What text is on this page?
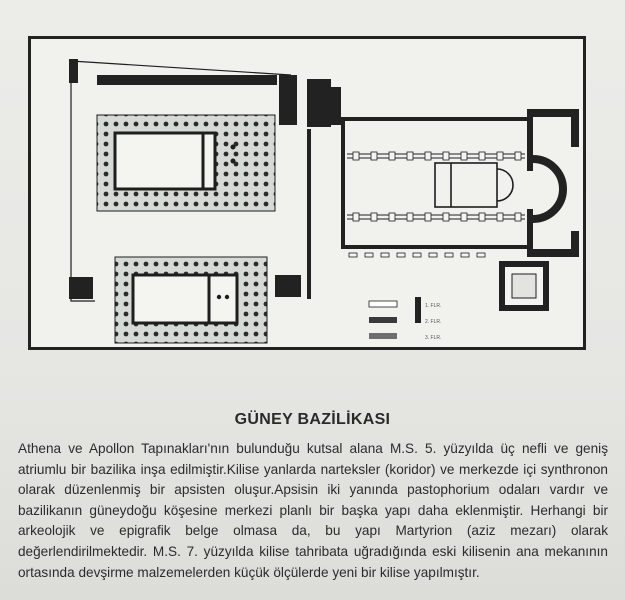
1. FLR.
2. FLR.
3. FLR.
GÜNEY BAZİLİKASI

Athena ve Apollon Tapınakları'nın bulunduğu kutsal alana M.S. 5. yüzyılda üç nefli ve geniş atriumlu bir bazilika inşa edilmiştir.Kilise yanlarda narteksler (koridor) ve merkezde içi synthronon olarak düzenlenmiş bir apsisten oluşur.Apsisin iki yanında pastophorium odaları vardır ve bazilikanın güneydoğu köşesine merkezi planlı bir başka yapı daha eklenmiştir. Herhangi bir arkeolojik ve epigrafik belge olmasa da, bu yapı Martyrion (aziz mezarı) olarak değerlendirilmektedir. M.S. 7. yüzyılda kilise tahribata uğradığında eski kilisenin ana mekanının ortasında devşirme malzemelerden küçük ölçülerde yeni bir kilise yapılmıştır.
